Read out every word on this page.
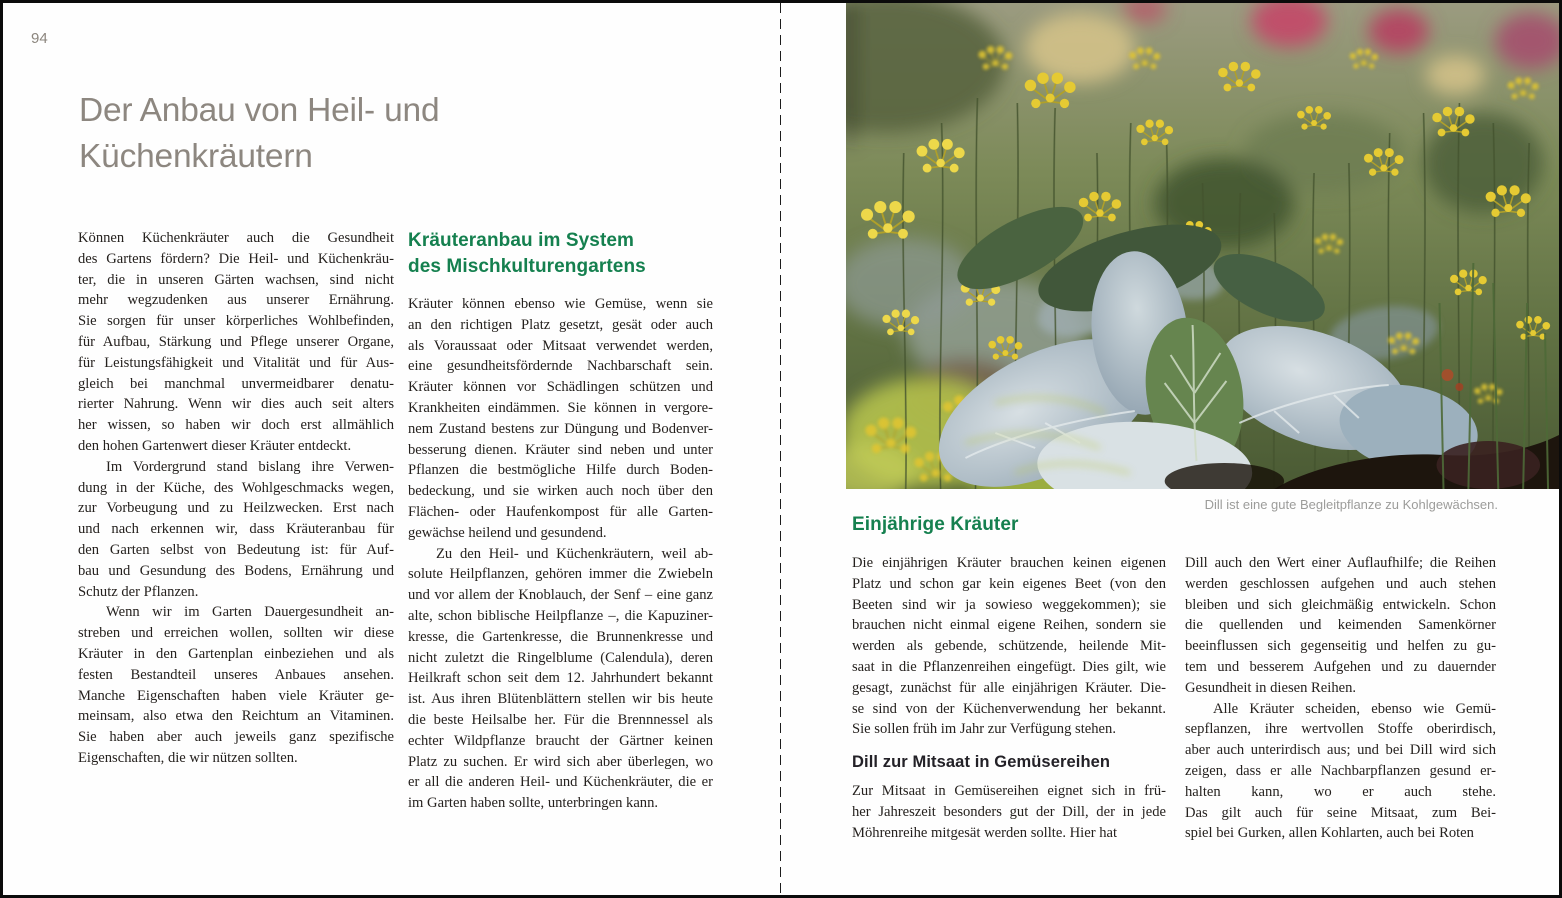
94
Der Anbau von Heil- und
Küchenkräutern
Können Küchenkräuter auch die Gesundheit
des Gartens fördern? Die Heil- und Küchenkräu-
ter, die in unseren Gärten wachsen, sind nicht
mehr wegzudenken aus unserer Ernährung.
Sie sorgen für unser körperliches Wohlbefinden,
für Aufbau, Stärkung und Pflege unserer Organe,
für Leistungsfähigkeit und Vitalität und für Aus-
gleich bei manchmal unvermeidbarer denatu-
rierter Nahrung. Wenn wir dies auch seit alters
her wissen, so haben wir doch erst allmählich
den hohen Gartenwert dieser Kräuter entdeckt.
Im Vordergrund stand bislang ihre Verwen-
dung in der Küche, des Wohlgeschmacks wegen,
zur Vorbeugung und zu Heilzwecken. Erst nach
und nach erkennen wir, dass Kräuteranbau für
den Garten selbst von Bedeutung ist: für Auf-
bau und Gesundung des Bodens, Ernährung und
Schutz der Pflanzen.
Wenn wir im Garten Dauergesundheit an-
streben und erreichen wollen, sollten wir diese
Kräuter in den Gartenplan einbeziehen und als
festen Bestandteil unseres Anbaues ansehen.
Manche Eigenschaften haben viele Kräuter ge-
meinsam, also etwa den Reichtum an Vitaminen.
Sie haben aber auch jeweils ganz spezifische
Eigenschaften, die wir nützen sollten.
Kräuteranbau im System
des Mischkulturengartens
Kräuter können ebenso wie Gemüse, wenn sie
an den richtigen Platz gesetzt, gesät oder auch
als Voraussaat oder Mitsaat verwendet werden,
eine gesundheitsfördernde Nachbarschaft sein.
Kräuter können vor Schädlingen schützen und
Krankheiten eindämmen. Sie können in vergore-
nem Zustand bestens zur Düngung und Bodenver-
besserung dienen. Kräuter sind neben und unter
Pflanzen die bestmögliche Hilfe durch Boden-
bedeckung, und sie wirken auch noch über den
Flächen- oder Haufenkompost für alle Garten-
gewächse heilend und gesundend.
Zu den Heil- und Küchenkräutern, weil ab-
solute Heilpflanzen, gehören immer die Zwiebeln
und vor allem der Knoblauch, der Senf – eine ganz
alte, schon biblische Heilpflanze –, die Kapuziner-
kresse, die Gartenkresse, die Brunnenkresse und
nicht zuletzt die Ringelblume (Calendula), deren
Heilkraft schon seit dem 12. Jahrhundert bekannt
ist. Aus ihren Blütenblättern stellen wir bis heute
die beste Heilsalbe her. Für die Brennnessel als
echter Wildpflanze braucht der Gärtner keinen
Platz zu suchen. Er wird sich aber überlegen, wo
er all die anderen Heil- und Küchenkräuter, die er
im Garten haben sollte, unterbringen kann.
Dill ist eine gute Begleitpflanze zu Kohlgewächsen.
Einjährige Kräuter
Die einjährigen Kräuter brauchen keinen eigenen
Platz und schon gar kein eigenes Beet (von den
Beeten sind wir ja sowieso weggekommen); sie
brauchen nicht einmal eigene Reihen, sondern sie
werden als gebende, schützende, heilende Mit-
saat in die Pflanzenreihen eingefügt. Dies gilt, wie
gesagt, zunächst für alle einjährigen Kräuter. Die-
se sind von der Küchenverwendung her bekannt.
Sie sollen früh im Jahr zur Verfügung stehen.
Dill zur Mitsaat in Gemüsereihen
Zur Mitsaat in Gemüsereihen eignet sich in frü-
her Jahreszeit besonders gut der Dill, der in jede
Möhrenreihe mitgesät werden sollte. Hier hat
Dill auch den Wert einer Auflaufhilfe; die Reihen
werden geschlossen aufgehen und auch stehen
bleiben und sich gleichmäßig entwickeln. Schon
die quellenden und keimenden Samenkörner
beeinflussen sich gegenseitig und helfen zu gu-
tem und besserem Aufgehen und zu dauernder
Gesundheit in diesen Reihen.
Alle Kräuter scheiden, ebenso wie Gemü-
sepflanzen, ihre wertvollen Stoffe oberirdisch,
aber auch unterirdisch aus; und bei Dill wird sich
zeigen, dass er alle Nachbarpflanzen gesund er-
halten kann, wo er auch stehe.
Das gilt auch für seine Mitsaat, zum Bei-
spiel bei Gurken, allen Kohlarten, auch bei Roten
